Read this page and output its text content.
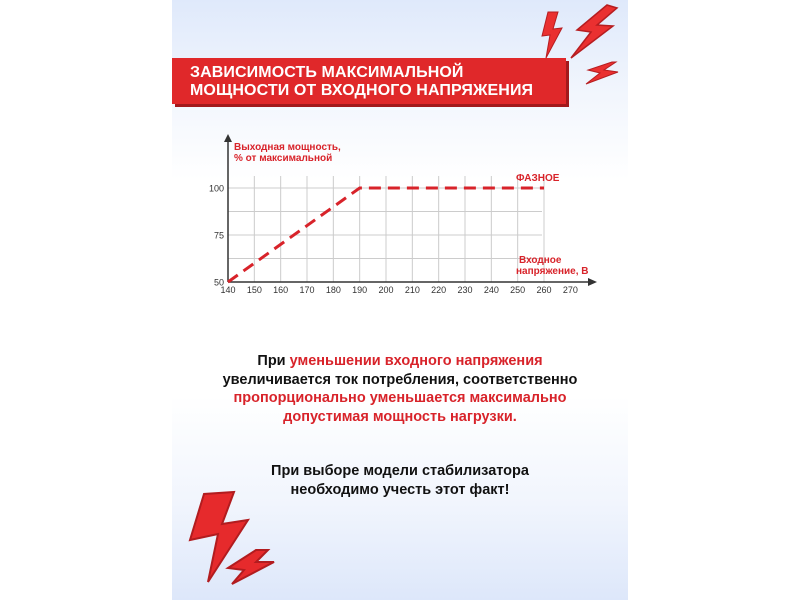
ЗАВИСИМОСТЬ МАКСИМАЛЬНОЙ
МОЩНОСТИ ОТ ВХОДНОГО НАПРЯЖЕНИЯ
50
75
100
140 150 160 170 180 190 200 210 220 230 240 250 260 270
Выходная мощность,
% от максимальной
ФАЗНОЕ
Входное
напряжение, В
При уменьшении входного напряжения
увеличивается ток потребления, соответственно
пропорционально уменьшается максимально
допустимая мощность нагрузки.
При выборе модели стабилизатора
необходимо учесть этот факт!
